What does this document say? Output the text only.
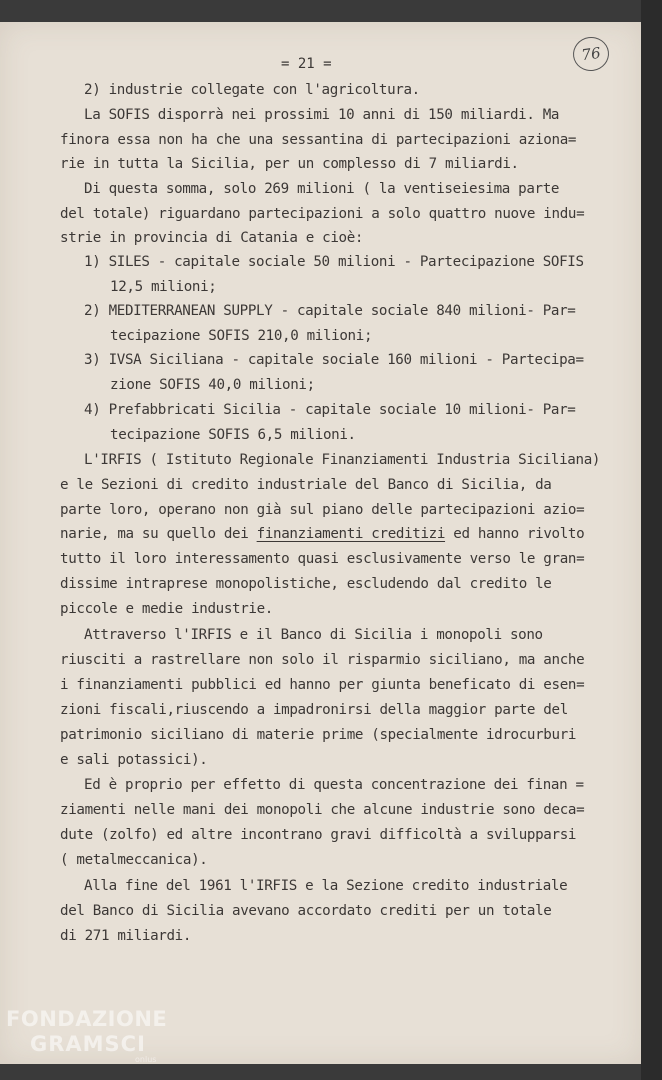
= 21 =	76
2) industrie collegate con l'agricoltura.
La SOFIS disporrà nei prossimi 10 anni di 150 miliardi. Ma
finora essa non ha che una sessantina di partecipazioni aziona=
rie in tutta la Sicilia, per un complesso di 7 miliardi.
Di questa somma, solo 269 milioni ( la ventiseiesima parte
del totale) riguardano partecipazioni a solo quattro nuove indu=
strie in provincia di Catania e cioè:
1) SILES - capitale sociale 50 milioni - Partecipazione SOFIS
12,5 milioni;
2) MEDITERRANEAN SUPPLY - capitale sociale 840 milioni- Par=
tecipazione SOFIS 210,0 milioni;
3) IVSA Siciliana - capitale sociale 160 milioni - Partecipa=
zione SOFIS 40,0 milioni;
4) Prefabbricati Sicilia - capitale sociale 10 milioni- Par=
tecipazione SOFIS 6,5 milioni.
L'IRFIS ( Istituto Regionale Finanziamenti Industria Siciliana)
e le Sezioni di credito industriale del Banco di Sicilia, da
parte loro, operano non già sul piano delle partecipazioni azio=
narie, ma su quello dei finanziamenti creditizi ed hanno rivolto
tutto il loro interessamento quasi esclusivamente verso le gran=
dissime intraprese monopolistiche, escludendo dal credito le
piccole e medie industrie.
Attraverso l'IRFIS e il Banco di Sicilia i monopoli sono
riusciti a rastrellare non solo il risparmio siciliano, ma anche
i finanziamenti pubblici ed hanno per giunta beneficato di esen=
zioni fiscali,riuscendo a impadronirsi della maggior parte del
patrimonio siciliano di materie prime (specialmente idrocurburi
e sali potassici).
Ed è proprio per effetto di questa concentrazione dei finan =
ziamenti nelle mani dei monopoli che alcune industrie sono deca=
dute (zolfo) ed altre incontrano gravi difficoltà a svilupparsi
( metalmeccanica).
Alla fine del 1961 l'IRFIS e la Sezione credito industriale
del Banco di Sicilia avevano accordato crediti per un totale
di 271 miliardi.
FONDAZIONE
GRAMSCI
onlus
